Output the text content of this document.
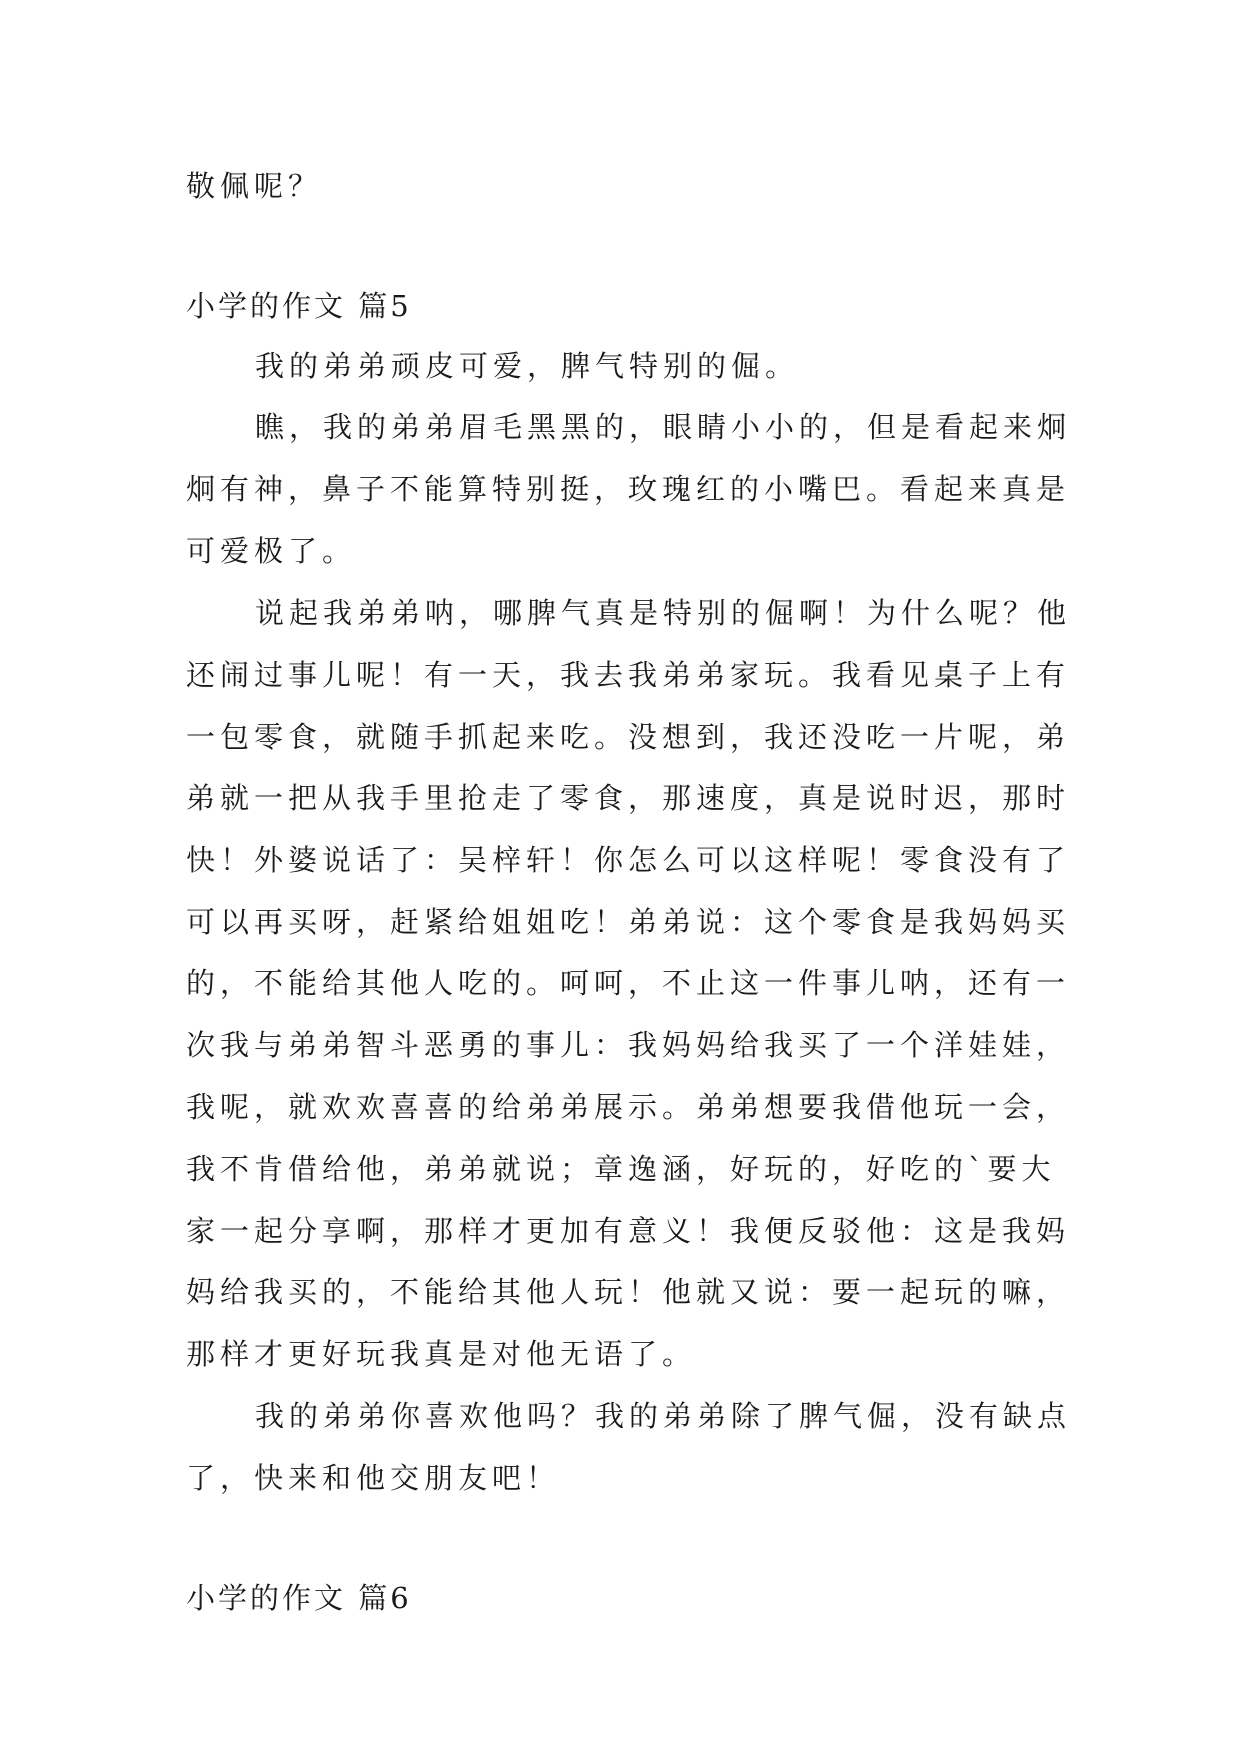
敬佩呢？
小学的作文 篇5
我的弟弟顽皮可爱，脾气特别的倔。
瞧，我的弟弟眉毛黑黑的，眼睛小小的，但是看起来炯
炯有神，鼻子不能算特别挺，玫瑰红的小嘴巴。看起来真是
可爱极了。
说起我弟弟呐，哪脾气真是特别的倔啊！为什么呢？他
还闹过事儿呢！有一天，我去我弟弟家玩。我看见桌子上有
一包零食，就随手抓起来吃。没想到，我还没吃一片呢，弟
弟就一把从我手里抢走了零食，那速度，真是说时迟，那时
快！外婆说话了：吴梓轩！你怎么可以这样呢！零食没有了
可以再买呀，赶紧给姐姐吃！弟弟说：这个零食是我妈妈买
的，不能给其他人吃的。呵呵，不止这一件事儿呐，还有一
次我与弟弟智斗恶勇的事儿：我妈妈给我买了一个洋娃娃，
我呢，就欢欢喜喜的给弟弟展示。弟弟想要我借他玩一会，
我不肯借给他，弟弟就说；章逸涵，好玩的，好吃的`要大
家一起分享啊，那样才更加有意义！我便反驳他：这是我妈
妈给我买的，不能给其他人玩！他就又说：要一起玩的嘛，
那样才更好玩我真是对他无语了。
我的弟弟你喜欢他吗？我的弟弟除了脾气倔，没有缺点
了，快来和他交朋友吧！
小学的作文 篇6
